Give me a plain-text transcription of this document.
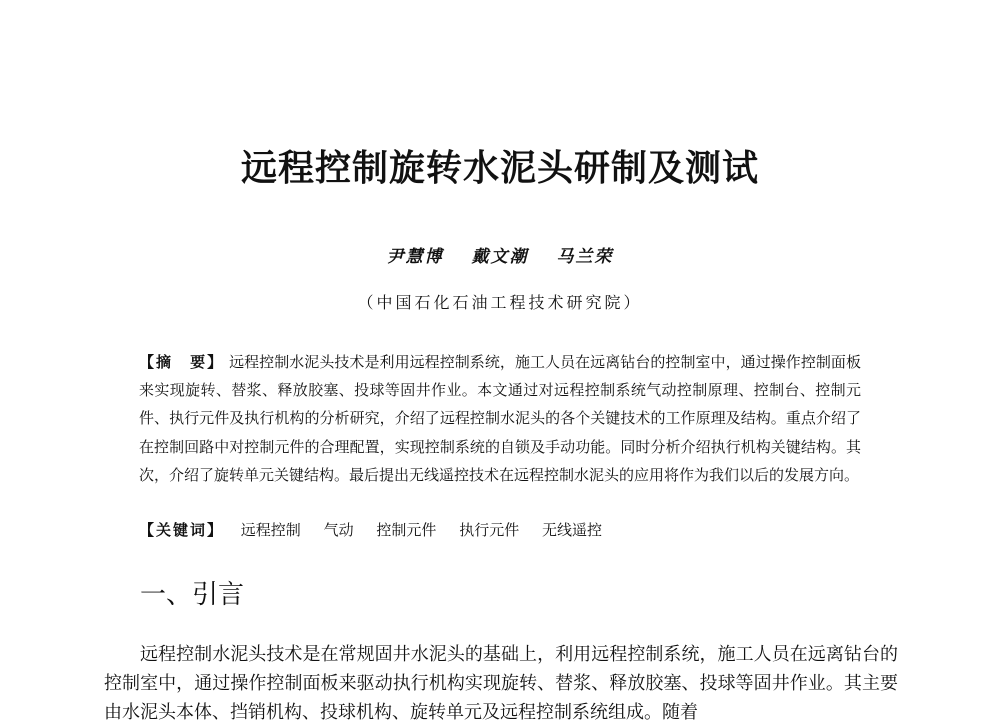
远程控制旋转水泥头研制及测试
尹慧博 戴文潮 马兰荣
（中国石化石油工程技术研究院）
【摘　要】 远程控制水泥头技术是利用远程控制系统，施工人员在远离钻台的控制室中，通过操作控制面板来实现旋转、替浆、释放胶塞、投球等固井作业。本文通过对远程控制系统气动控制原理、控制台、控制元件、执行元件及执行机构的分析研究，介绍了远程控制水泥头的各个关键技术的工作原理及结构。重点介绍了在控制回路中对控制元件的合理配置，实现控制系统的自锁及手动功能。同时分析介绍执行机构关键结构。其次，介绍了旋转单元关键结构。最后提出无线遥控技术在远程控制水泥头的应用将作为我们以后的发展方向。
【关键词】 远程控制 气动 控制元件 执行元件 无线遥控
一、引言

远程控制水泥头技术是在常规固井水泥头的基础上，利用远程控制系统，施工人员在远离钻台的控制室中，通过操作控制面板来驱动执行机构实现旋转、替浆、释放胶塞、投球等固井作业。其主要由水泥头本体、挡销机构、投球机构、旋转单元及远程控制系统组成。随着
